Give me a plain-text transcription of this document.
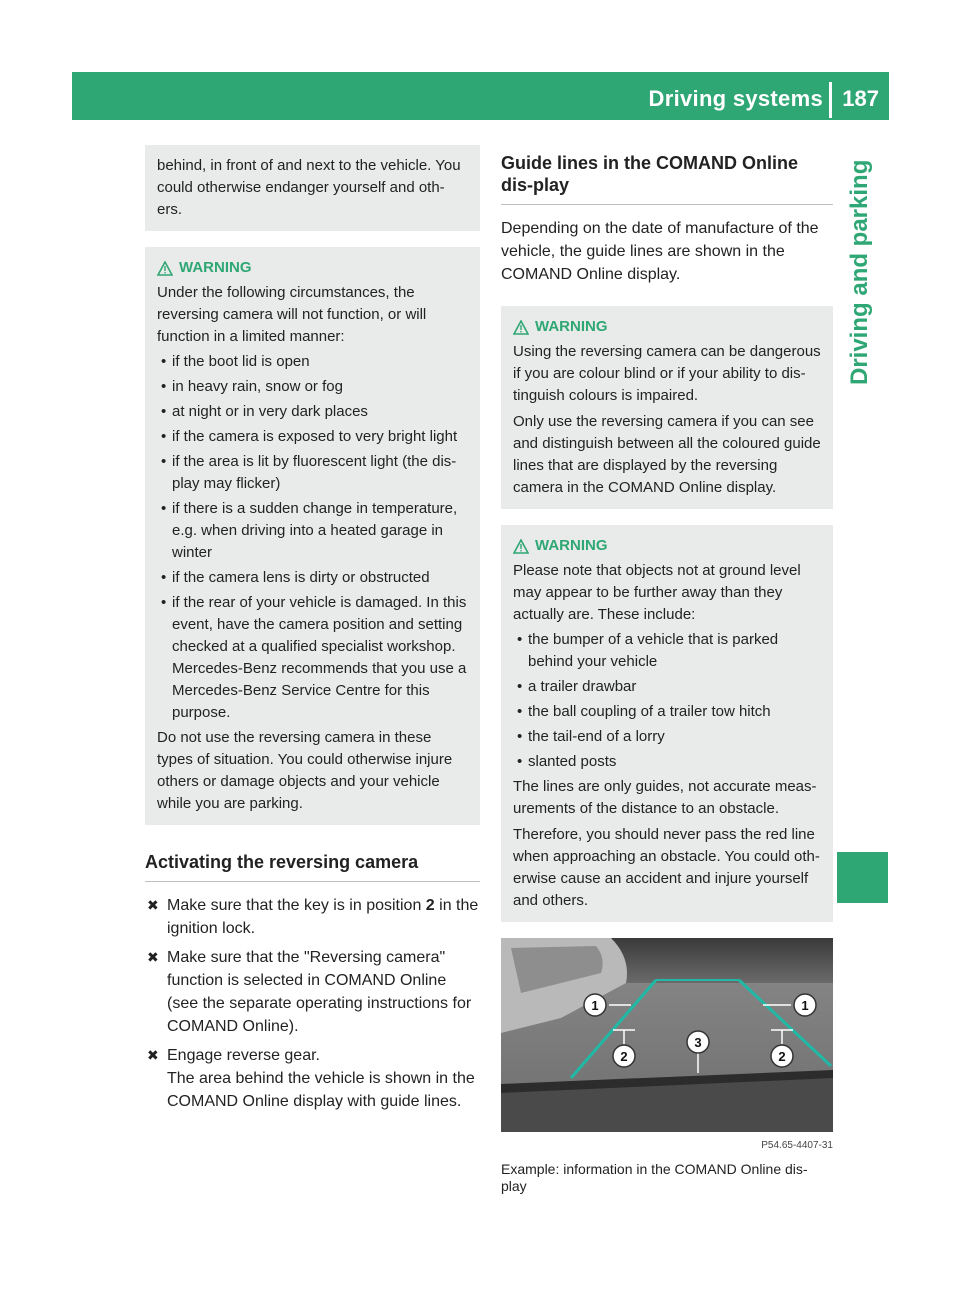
Driving systems 187
Driving and parking

behind, in front of and next to the vehicle. You could otherwise endanger yourself and oth-ers.

WARNING

Under the following circumstances, the reversing camera will not function, or will function in a limited manner:

• if the boot lid is open
• in heavy rain, snow or fog
• at night or in very dark places
• if the camera is exposed to very bright light
• if the area is lit by fluorescent light (the dis-play may flicker)
• if there is a sudden change in temperature, e.g. when driving into a heated garage in winter
• if the camera lens is dirty or obstructed
• if the rear of your vehicle is damaged. In this event, have the camera position and setting checked at a qualified specialist workshop. Mercedes-Benz recommends that you use a Mercedes-Benz Service Centre for this purpose.

Do not use the reversing camera in these types of situation. You could otherwise injure others or damage objects and your vehicle while you are parking.

Activating the reversing camera
✖ Make sure that the key is in position 2 in the ignition lock.
✖ Make sure that the "Reversing camera" function is selected in COMAND Online (see the separate operating instructions for COMAND Online).
✖ Engage reverse gear.
The area behind the vehicle is shown in the COMAND Online display with guide lines.
Guide lines in the COMAND Online dis-play

Depending on the date of manufacture of the vehicle, the guide lines are shown in the COMAND Online display.

WARNING

Using the reversing camera can be dangerous if you are colour blind or if your ability to dis-tinguish colours is impaired.

Only use the reversing camera if you can see and distinguish between all the coloured guide lines that are displayed by the reversing camera in the COMAND Online display.

WARNING

Please note that objects not at ground level may appear to be further away than they actually are. These include:

• the bumper of a vehicle that is parked behind your vehicle
• a trailer drawbar
• the ball coupling of a trailer tow hitch
• the tail-end of a lorry
• slanted posts

The lines are only guides, not accurate meas-urements of the distance to an obstacle.

Therefore, you should never pass the red line when approaching an obstacle. You could oth-erwise cause an accident and injure yourself and others.

1	1
2
3
2
P54.65-4407-31
Example: information in the COMAND Online dis-play
